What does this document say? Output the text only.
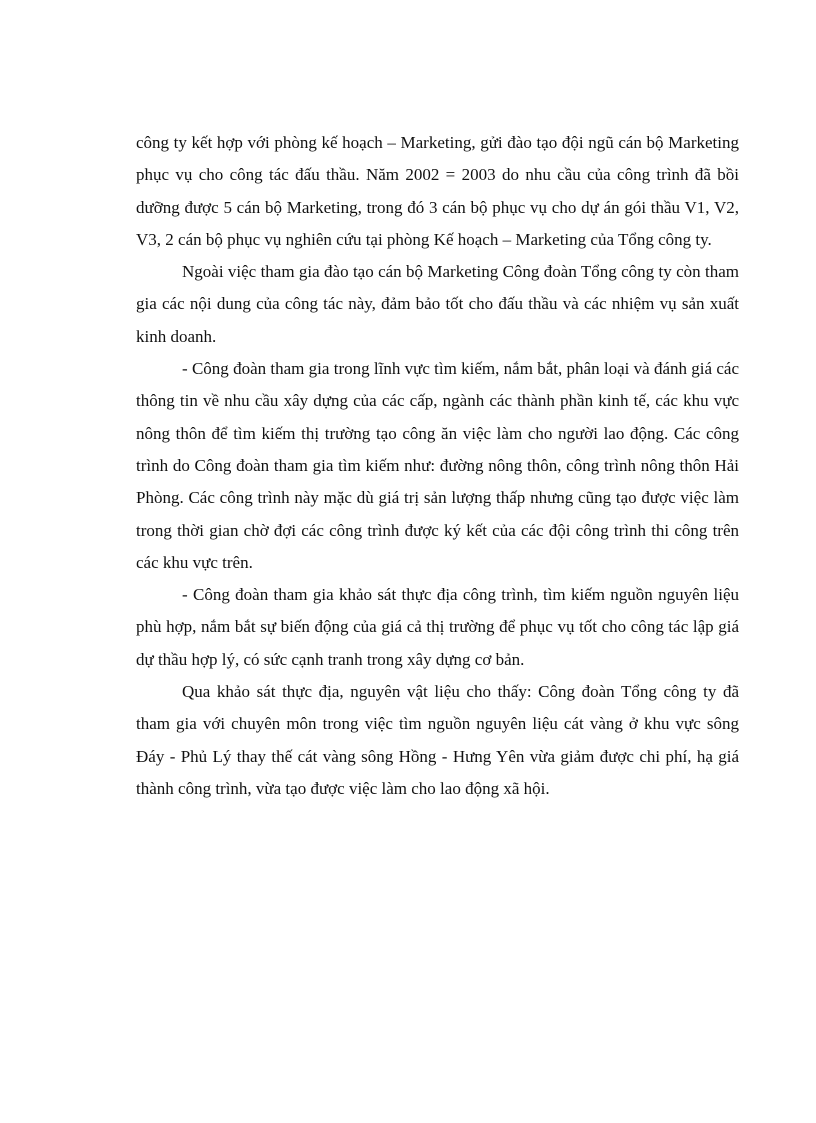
công ty kết hợp với phòng kế hoạch – Marketing, gửi đào tạo đội ngũ cán bộ Marketing phục vụ cho công tác đấu thầu. Năm 2002 = 2003 do nhu cầu của công trình đã bồi dưỡng được 5 cán bộ Marketing, trong đó 3 cán bộ phục vụ cho dự án gói thầu V1, V2, V3, 2 cán bộ phục vụ nghiên cứu tại phòng Kế hoạch – Marketing của Tổng công ty.

Ngoài việc tham gia đào tạo cán bộ Marketing Công đoàn Tổng công ty còn tham gia các nội dung của công tác này, đảm bảo tốt cho đấu thầu và các nhiệm vụ sản xuất kinh doanh.

- Công đoàn tham gia trong lĩnh vực tìm kiếm, nắm bắt, phân loại và đánh giá các thông tin về nhu cầu xây dựng của các cấp, ngành các thành phần kinh tế, các khu vực nông thôn để tìm kiếm thị trường tạo công ăn việc làm cho người lao động. Các công trình do Công đoàn tham gia tìm kiếm như: đường nông thôn, công trình nông thôn Hải Phòng. Các công trình này mặc dù giá trị sản lượng thấp nhưng cũng tạo được việc làm trong thời gian chờ đợi các công trình được ký kết của các đội công trình thi công trên các khu vực trên.

- Công đoàn tham gia khảo sát thực địa công trình, tìm kiếm nguồn nguyên liệu phù hợp, nắm bắt sự biến động của giá cả thị trường để phục vụ tốt cho công tác lập giá dự thầu hợp lý, có sức cạnh tranh trong xây dựng cơ bản.

Qua khảo sát thực địa, nguyên vật liệu cho thấy: Công đoàn Tổng công ty đã tham gia với chuyên môn trong việc tìm nguồn nguyên liệu cát vàng ở khu vực sông Đáy - Phủ Lý thay thế cát vàng sông Hồng - Hưng Yên vừa giảm được chi phí, hạ giá thành công trình, vừa tạo được việc làm cho lao động xã hội.
